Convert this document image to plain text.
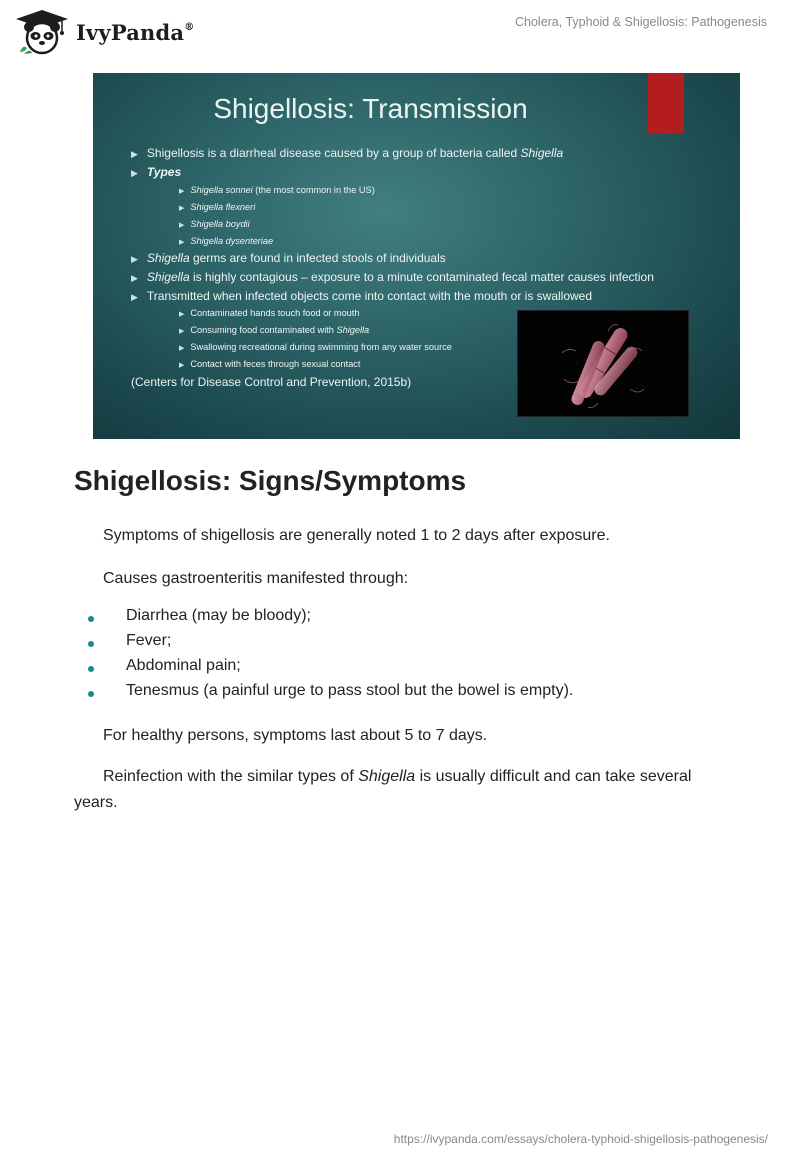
IvyPanda®	Cholera, Typhoid & Shigellosis: Pathogenesis
Shigellosis: Transmission
▶ Shigellosis is a diarrheal disease caused by a group of bacteria called Shigella
▶ Types
▶ Shigella sonnei (the most common in the US)
▶ Shigella flexneri
▶ Shigella boydii
▶ Shigella dysenteriae
▶ Shigella germs are found in infected stools of individuals
▶ Shigella is highly contagious – exposure to a minute contaminated fecal matter causes infection
▶ Transmitted when infected objects come into contact with the mouth or is swallowed
▶ Contaminated hands touch food or mouth
▶ Consuming food contaminated with Shigella
▶ Swallowing recreational during swimming from any water source
▶ Contact with feces through sexual contact
(Centers for Disease Control and Prevention, 2015b)
Shigellosis: Signs/Symptoms
Symptoms of shigellosis are generally noted 1 to 2 days after exposure.
Causes gastroenteritis manifested through:
Diarrhea (may be bloody);
Fever;
Abdominal pain;
Tenesmus (a painful urge to pass stool but the bowel is empty).
For healthy persons, symptoms last about 5 to 7 days.
Reinfection with the similar types of Shigella is usually difficult and can take several
years.
https://ivypanda.com/essays/cholera-typhoid-shigellosis-pathogenesis/
